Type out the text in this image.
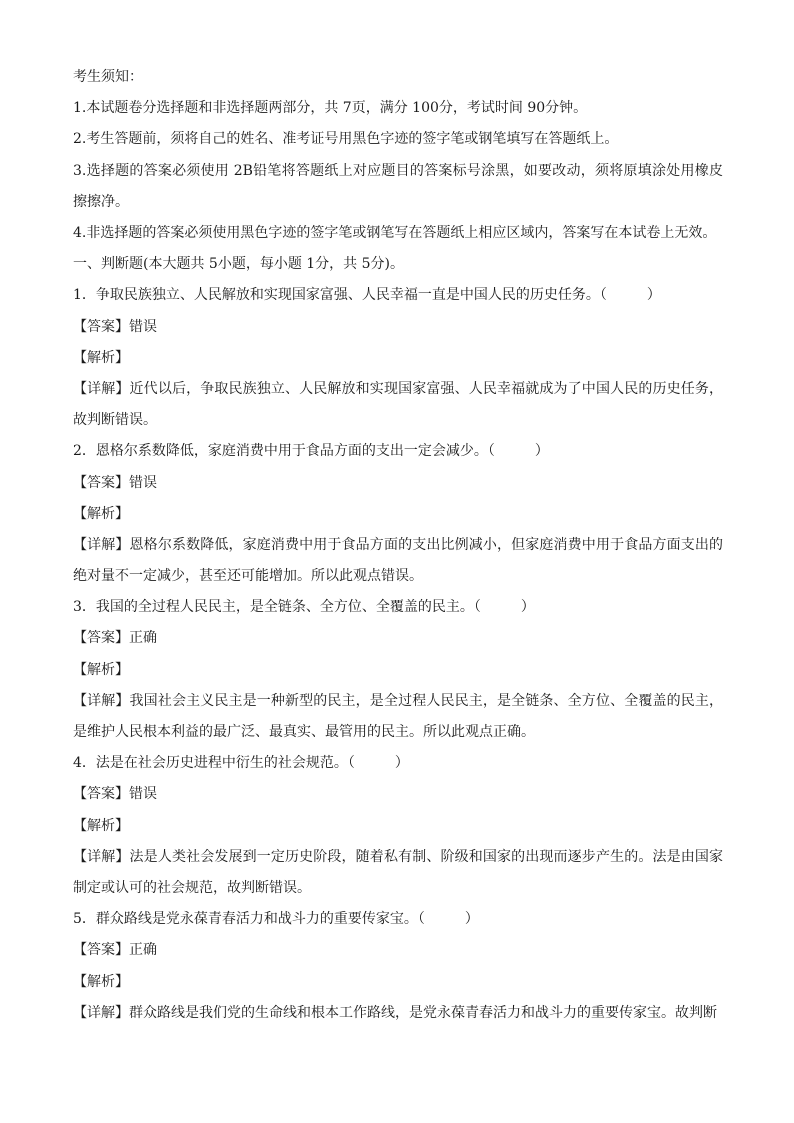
考生须知：
1.本试题卷分选择题和非选择题两部分，共 7页，满分 100分，考试时间 90分钟。
2.考生答题前，须将自己的姓名、准考证号用黑色字迹的签字笔或钢笔填写在答题纸上。
3.选择题的答案必须使用 2B铅笔将答题纸上对应题目的答案标号涂黑，如要改动，须将原填涂处用橡皮擦擦净。
4.非选择题的答案必须使用黑色字迹的签字笔或钢笔写在答题纸上相应区域内，答案写在本试卷上无效。
一、判断题(本大题共 5小题，每小题 1分，共 5分)。
1．争取民族独立、人民解放和实现国家富强、人民幸福一直是中国人民的历史任务。（	）
【答案】错误
【解析】
【详解】近代以后，争取民族独立、人民解放和实现国家富强、人民幸福就成为了中国人民的历史任务，故判断错误。
2．恩格尔系数降低，家庭消费中用于食品方面的支出一定会减少。（	）
【答案】错误
【解析】
【详解】恩格尔系数降低，家庭消费中用于食品方面的支出比例减小，但家庭消费中用于食品方面支出的绝对量不一定减少，甚至还可能增加。所以此观点错误。
3．我国的全过程人民民主，是全链条、全方位、全覆盖的民主。（	）
【答案】正确
【解析】
【详解】我国社会主义民主是一种新型的民主，是全过程人民民主，是全链条、全方位、全覆盖的民主，是维护人民根本利益的最广泛、最真实、最管用的民主。所以此观点正确。
4．法是在社会历史进程中衍生的社会规范。（	）
【答案】错误
【解析】
【详解】法是人类社会发展到一定历史阶段，随着私有制、阶级和国家的出现而逐步产生的。法是由国家制定或认可的社会规范，故判断错误。
5．群众路线是党永葆青春活力和战斗力的重要传家宝。（	）
【答案】正确
【解析】
【详解】群众路线是我们党的生命线和根本工作路线，是党永葆青春活力和战斗力的重要传家宝。故判断
